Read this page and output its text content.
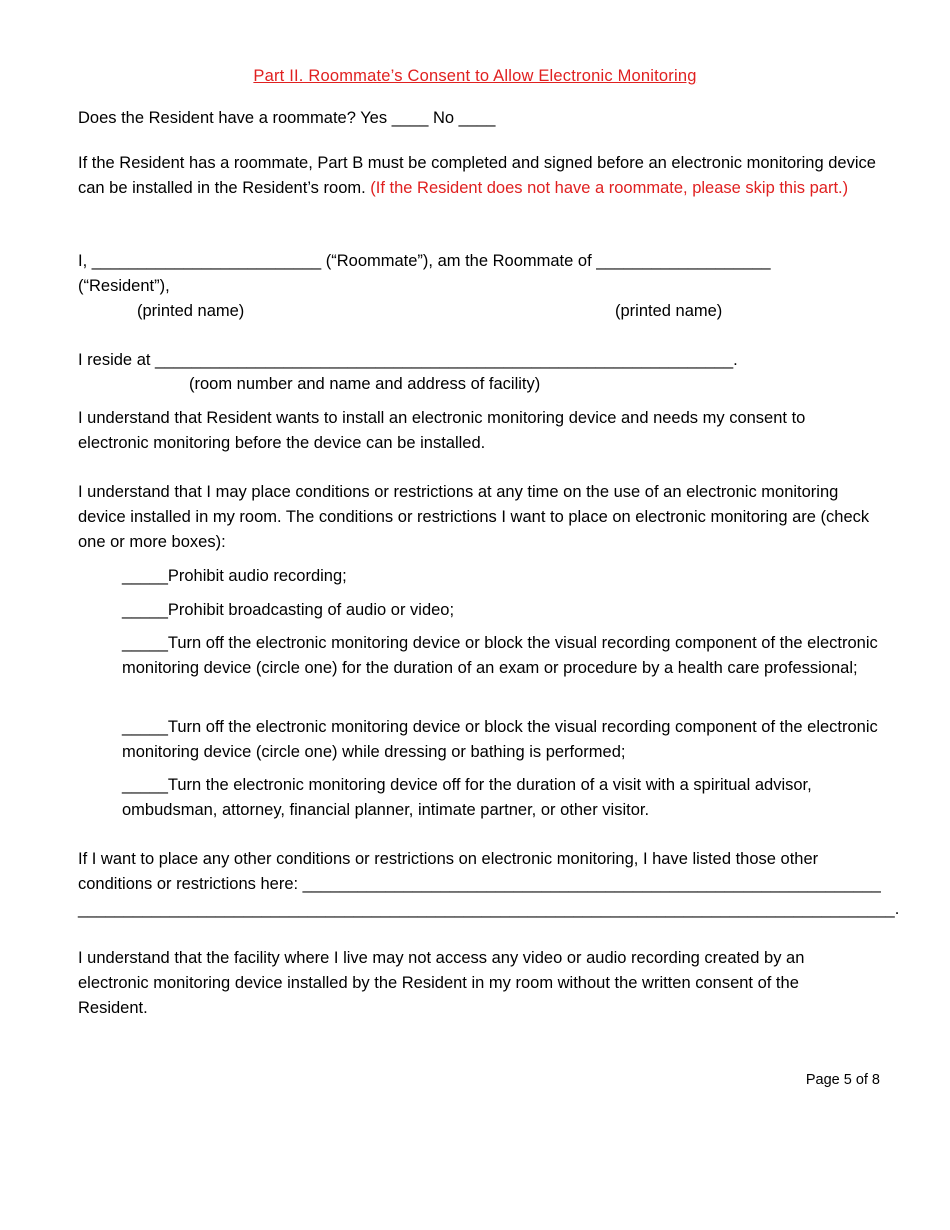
Part II. Roommate’s Consent to Allow Electronic Monitoring
Does the Resident have a roommate? Yes ____ No ____
If the Resident has a roommate, Part B must be completed and signed before an electronic monitoring device can be installed in the Resident’s room. (If the Resident does not have a roommate, please skip this part.)
I, _________________________ (“Roommate”), am the Roommate of ___________________
(“Resident”),
(printed name)	(printed name)
I reside at _______________________________________________________________.
(room number and name and address of facility)
I understand that Resident wants to install an electronic monitoring device and needs my consent to electronic monitoring before the device can be installed.
I understand that I may place conditions or restrictions at any time on the use of an electronic monitoring device installed in my room. The conditions or restrictions I want to place on electronic monitoring are (check one or more boxes):
_____Prohibit audio recording;
_____Prohibit broadcasting of audio or video;
_____Turn off the electronic monitoring device or block the visual recording component of the electronic monitoring device (circle one) for the duration of an exam or procedure by a health care professional;
_____Turn off the electronic monitoring device or block the visual recording component of the electronic monitoring device (circle one) while dressing or bathing is performed;
_____Turn the electronic monitoring device off for the duration of a visit with a spiritual advisor, ombudsman, attorney, financial planner, intimate partner, or other visitor.
If I want to place any other conditions or restrictions on electronic monitoring, I have listed those other
conditions or restrictions here: _______________________________________________________________
_________________________________________________________________________________________.
I understand that the facility where I live may not access any video or audio recording created by an electronic monitoring device installed by the Resident in my room without the written consent of the Resident.
Page 5 of 8
